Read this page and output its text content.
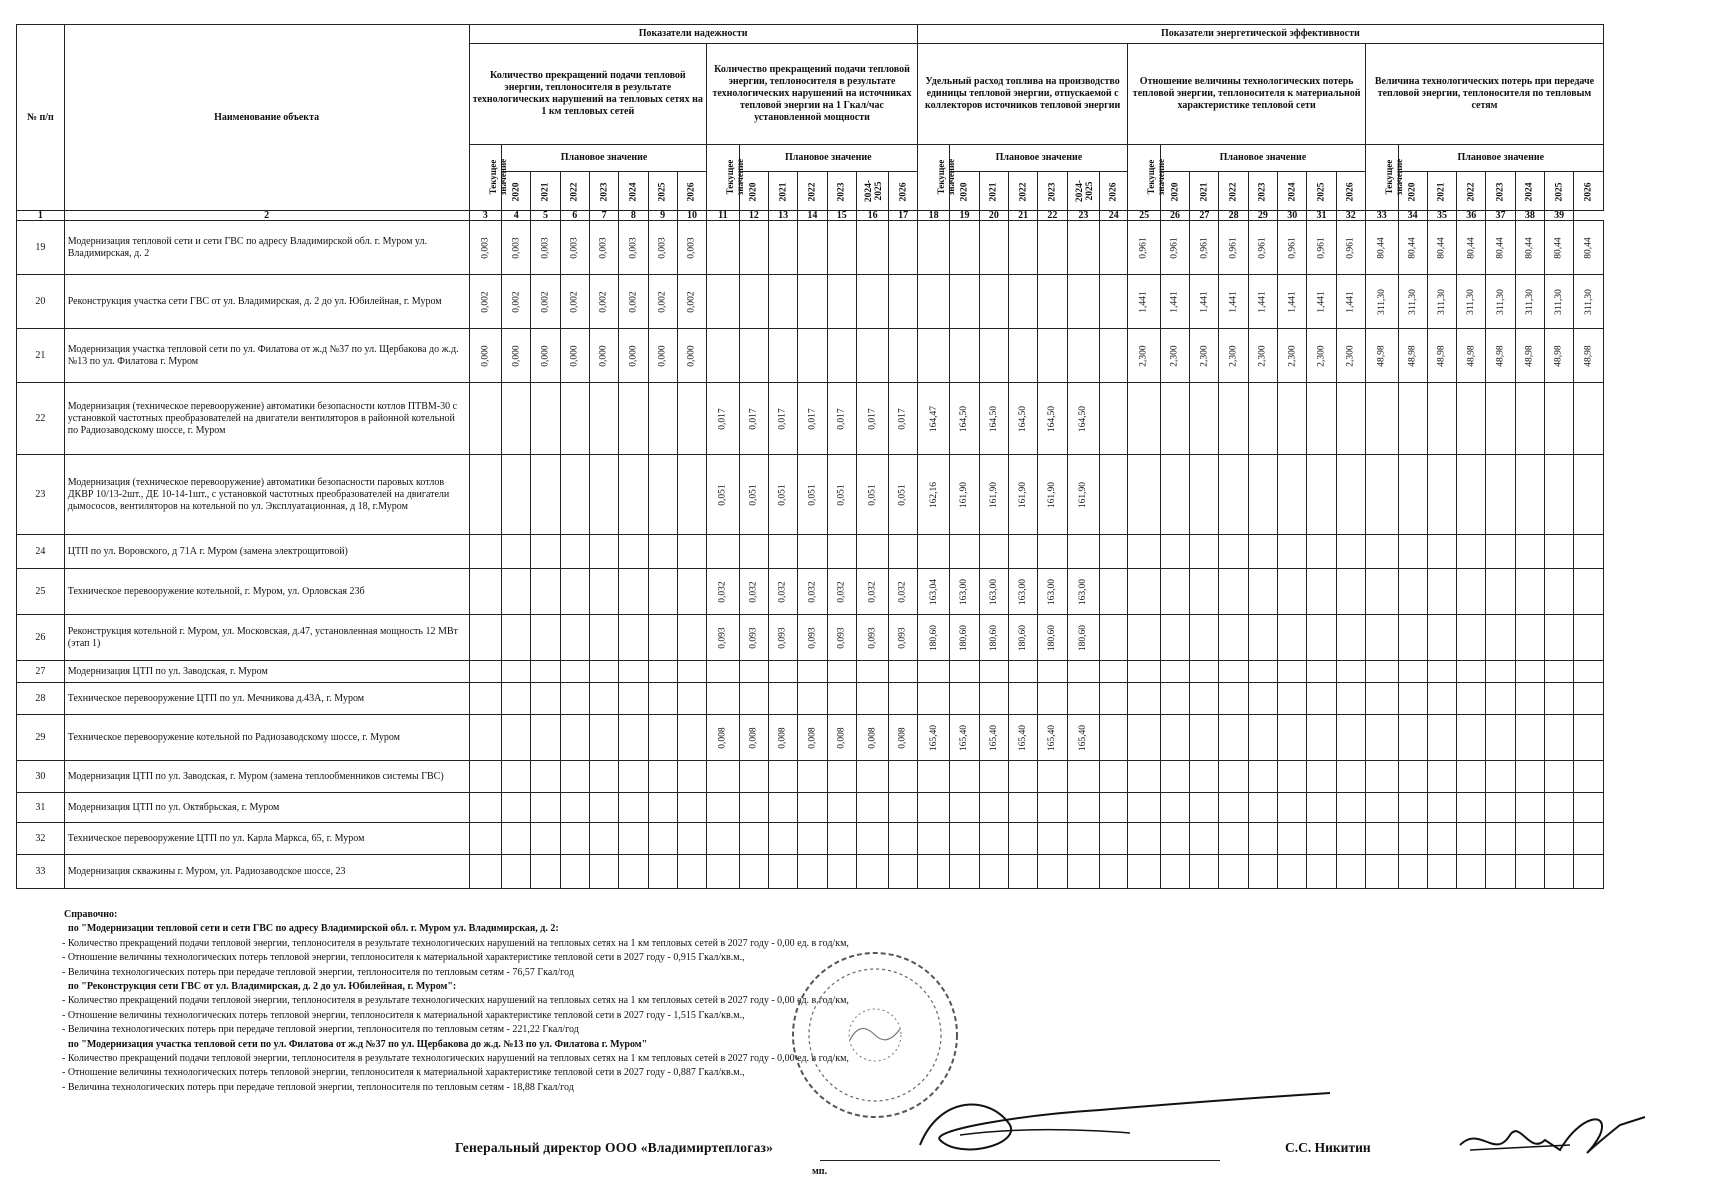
№ п/п	Наименование объекта	Показатели надежности															Показатели энергетической эффективности																						
		Количество прекращений подачи тепловой энергии, теплоносителя в результате технологических нарушений на тепловых сетях на 1 км тепловых сетей								Количество прекращений подачи тепловой энергии, теплоносителя в результате технологических нарушений на источниках тепловой энергии на 1 Гкал/час установленной мощности							Удельный расход топлива на производство единицы тепловой энергии, отпускаемой с коллекторов источников тепловой энергии							Отношение величины технологических потерь тепловой энергии, теплоносителя к материальной характеристике тепловой сети								Величина технологических потерь при передаче тепловой энергии, теплоносителя по тепловым сетям							
		Текущее значение	Плановое значение							Текущее значение	Плановое значение						Текущее значение	Плановое значение						Текущее значение	Плановое значение							Текущее значение	Плановое значение						
			2020	2021	2022	2023	2024	2025	2026		2020	2021	2022	2023	2024-2025	2026		2020	2021	2022	2023	2024-2025	2026		2020	2021	2022	2023	2024	2025	2026		2020	2021	2022	2023	2024	2025	2026
1	2	3	4	5	6	7	8	9	10	11	12	13	14	15	16	17	18	19	20	21	22	23	24	25	26	27	28	29	30	31	32	33	34	35	36	37	38	39	
19	Модернизация тепловой сети и сети ГВС по адресу Владимирской обл. г. Муром ул. Владимирская, д. 2	0,003	0,003	0,003	0,003	0,003	0,003	0,003	0,003															0,961	0,961	0,961	0,961	0,961	0,961	0,961	0,961	80,44	80,44	80,44	80,44	80,44	80,44	80,44	80,44
20	Реконструкция участка сети ГВС от ул. Владимирская, д. 2 до ул. Юбилейная, г. Муром	0,002	0,002	0,002	0,002	0,002	0,002	0,002	0,002															1,441	1,441	1,441	1,441	1,441	1,441	1,441	1,441	311,30	311,30	311,30	311,30	311,30	311,30	311,30	311,30
21	Модернизация участка тепловой сети по ул. Филатова от ж.д №37 по ул. Щербакова до ж.д. №13 по ул. Филатова г. Муром	0,000	0,000	0,000	0,000	0,000	0,000	0,000	0,000															2,300	2,300	2,300	2,300	2,300	2,300	2,300	2,300	48,98	48,98	48,98	48,98	48,98	48,98	48,98	48,98
22	Модернизация (техническое перевооружение) автоматики безопасности котлов ПТВМ-30 с установкой частотных преобразователей на двигатели вентиляторов в районной котельной по Радиозаводскому шоссе, г. Муром									0,017	0,017	0,017	0,017	0,017	0,017	0,017	164,47	164,50	164,50	164,50	164,50	164,50																	
23	Модернизация (техническое перевооружение) автоматики безопасности паровых котлов ДКВР 10/13-2шт., ДЕ 10-14-1шт., с установкой частотных преобразователей на двигатели дымососов, вентиляторов на котельной по ул. Эксплуатационная, д 18, г.Муром									0,051	0,051	0,051	0,051	0,051	0,051	0,051	162,16	161,90	161,90	161,90	161,90	161,90																	
24	ЦТП по ул. Воровского, д 71А г. Муром (замена электрощитовой)																																						
25	Техническое перевооружение котельной, г. Муром, ул. Орловская 23б									0,032	0,032	0,032	0,032	0,032	0,032	0,032	163,04	163,00	163,00	163,00	163,00	163,00																	
26	Реконструкция котельной г. Муром, ул. Московская, д.47, установленная мощность 12 МВт (этап 1)									0,093	0,093	0,093	0,093	0,093	0,093	0,093	180,60	180,60	180,60	180,60	180,60	180,60																	
27	Модернизация ЦТП по ул. Заводская, г. Муром																																						
28	Техническое перевооружение ЦТП по ул. Мечникова д.43А, г. Муром																																						
29	Техническое перевооружение котельной по Радиозаводскому шоссе, г. Муром									0,008	0,008	0,008	0,008	0,008	0,008	0,008	165,40	165,40	165,40	165,40	165,40	165,40																	
30	Модернизация ЦТП по ул. Заводская, г. Муром (замена теплообменников системы ГВС)																																						
31	Модернизация ЦТП по ул. Октябрьская, г. Муром																																						
32	Техническое перевооружение ЦТП по ул. Карла Маркса, 65, г. Муром																																						
33	Модернизация скважины г. Муром, ул. Радиозаводское шоссе, 23																																						
Справочно:
по "Модернизации тепловой сети и сети ГВС по адресу Владимирской обл. г. Муром ул. Владимирская, д. 2:
- Количество прекращений подачи тепловой энергии, теплоносителя в результате технологических нарушений на тепловых сетях на 1 км тепловых сетей в 2027 году - 0,00 ед. в год/км,
- Отношение величины технологических потерь тепловой энергии, теплоносителя к материальной характеристике тепловой сети в 2027 году - 0,915 Гкал/кв.м.,
- Величина технологических потерь при передаче тепловой энергии, теплоносителя по тепловым сетям - 76,57 Гкал/год
по "Реконструкция сети ГВС от ул. Владимирская, д. 2 до ул. Юбилейная, г. Муром":
- Количество прекращений подачи тепловой энергии, теплоносителя в результате технологических нарушений на тепловых сетях на 1 км тепловых сетей в 2027 году - 0,00 ед. в год/км,
- Отношение величины технологических потерь тепловой энергии, теплоносителя к материальной характеристике тепловой сети в 2027 году - 1,515 Гкал/кв.м.,
- Величина технологических потерь при передаче тепловой энергии, теплоносителя по тепловым сетям - 221,22 Гкал/год
по "Модернизация участка тепловой сети по ул. Филатова от ж.д №37 по ул. Щербакова до ж.д. №13 по ул. Филатова г. Муром"
- Количество прекращений подачи тепловой энергии, теплоносителя в результате технологических нарушений на тепловых сетях на 1 км тепловых сетей в 2027 году - 0,00 ед. в год/км,
- Отношение величины технологических потерь тепловой энергии, теплоносителя к материальной характеристике тепловой сети в 2027 году - 0,887 Гкал/кв.м.,
- Величина технологических потерь при передаче тепловой энергии, теплоносителя по тепловым сетям - 18,88 Гкал/год
Генеральный директор ООО «Владимиртеплогаз»
мп.
С.С. Никитин
